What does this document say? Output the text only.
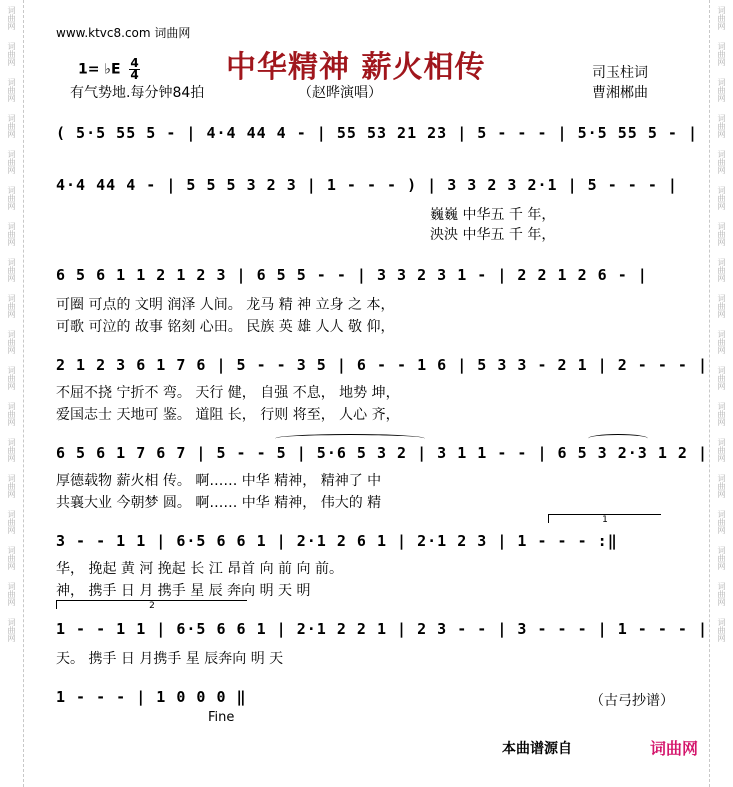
词曲网
词曲网
词曲网
词曲网
词曲网
词曲网
词曲网
词曲网
词曲网
词曲网
词曲网
词曲网
词曲网
词曲网
词曲网
词曲网
词曲网
词曲网
词曲网
词曲网
词曲网
词曲网
词曲网
词曲网
词曲网
词曲网
词曲网
词曲网
词曲网
词曲网
词曲网
词曲网
词曲网
词曲网
词曲网
词曲网
www.ktvc8.com 词曲网
中华精神 薪火相传
1= ♭E $\frac{4}{4}$
有气势地.每分钟84拍	（赵晔演唱）
司玉柱词
曹湘郴曲
( 5·5 55 5 - | 4·4 44 4 - | 55 53 21 23 | 5 - - - | 5·5 55 5 - |
4·4 44 4 - | 5 5 5 3 2 3 | 1 - - - ) | 3 3 2 3 2·1 | 5 - - - |
巍巍 中华五 千 年，
泱泱 中华五 千 年，
6 5 6 1 1 2 1 2 3 | 6 5 5 - - | 3 3 2 3 1 - | 2 2 1 2 6 - |
可圈 可点的 文明 润泽 人间。 龙马 精 神 立身 之 本，
可歌 可泣的 故事 铭刻 心田。 民族 英 雄 人人 敬 仰，
2 1 2 3 6 1 7 6 | 5 - - 3 5 | 6 - - 1 6 | 5 3 3 - 2 1 | 2 - - - |
不屈不挠 宁折不 弯。 天行 健， 自强 不息， 地势 坤，
爱国志士 天地可 鉴。 道阻 长， 行则 将至， 人心 齐，
6 5 6 1 7 6 7 | 5 - - 5 | 5·6 5 3 2 | 3 1 1 - - | 6 5 3 2·3 1 2 |
厚德载物 薪火相 传。 啊…… 中华 精神， 精神了 中
共襄大业 今朝梦 圆。 啊…… 中华 精神， 伟大的 精
1
3 - - 1 1 | 6·5 6 6 1 | 2·1 2 6 1 | 2·1 2 3 | 1 - - - :‖
华， 挽起 黄 河 挽起 长 江 昂首 向 前 向 前。
神， 携手 日 月 携手 星 辰 奔向 明 天 明
2
1 - - 1 1 | 6·5 6 6 1 | 2·1 2 2 1 | 2 3 - - | 3 - - - | 1 - - - |
天。 携手 日 月携手 星 辰奔向 明 天
1 - - - | 1 0 0 0 ‖
Fine
（古弓抄谱）
本曲谱源自	词曲网
